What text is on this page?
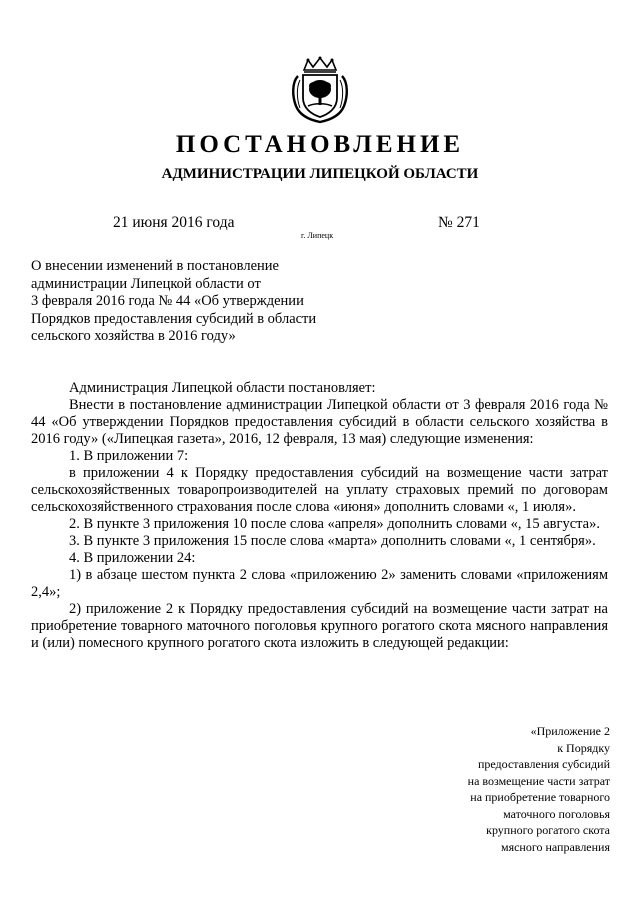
ПОСТАНОВЛЕНИЕ
АДМИНИСТРАЦИИ ЛИПЕЦКОЙ ОБЛАСТИ
21 июня 2016 года
г. Липецк
№ 271
О внесении изменений в постановление
администрации Липецкой области от
3 февраля 2016 года № 44 «Об утверждении
Порядков предоставления субсидий в области
сельского хозяйства в 2016 году»

Администрация Липецкой области постановляет:

Внести в постановление администрации Липецкой области от 3 февраля 2016 года № 44 «Об утверждении Порядков предоставления субсидий в области сельского хозяйства в 2016 году» («Липецкая газета», 2016, 12 февраля, 13 мая) следующие изменения:

1. В приложении 7:

в приложении 4 к Порядку предоставления субсидий на возмещение части затрат сельскохозяйственных товаропроизводителей на уплату страховых премий по договорам сельскохозяйственного страхования после слова «июня» дополнить словами «, 1 июля».

2. В пункте 3 приложения 10 после слова «апреля» дополнить словами «, 15 августа».

3. В пункте 3 приложения 15 после слова «марта» дополнить словами «, 1 сентября».

4. В приложении 24:

1) в абзаце шестом пункта 2 слова «приложению 2» заменить словами «приложениям 2,4»;

2) приложение 2 к Порядку предоставления субсидий на возмещение части затрат на приобретение товарного маточного поголовья крупного рогатого скота мясного направления и (или) помесного крупного рогатого скота изложить в следующей редакции:

«Приложение 2
к Порядку
предоставления субсидий
на возмещение части затрат
на приобретение товарного
маточного поголовья
крупного рогатого скота
мясного направления
